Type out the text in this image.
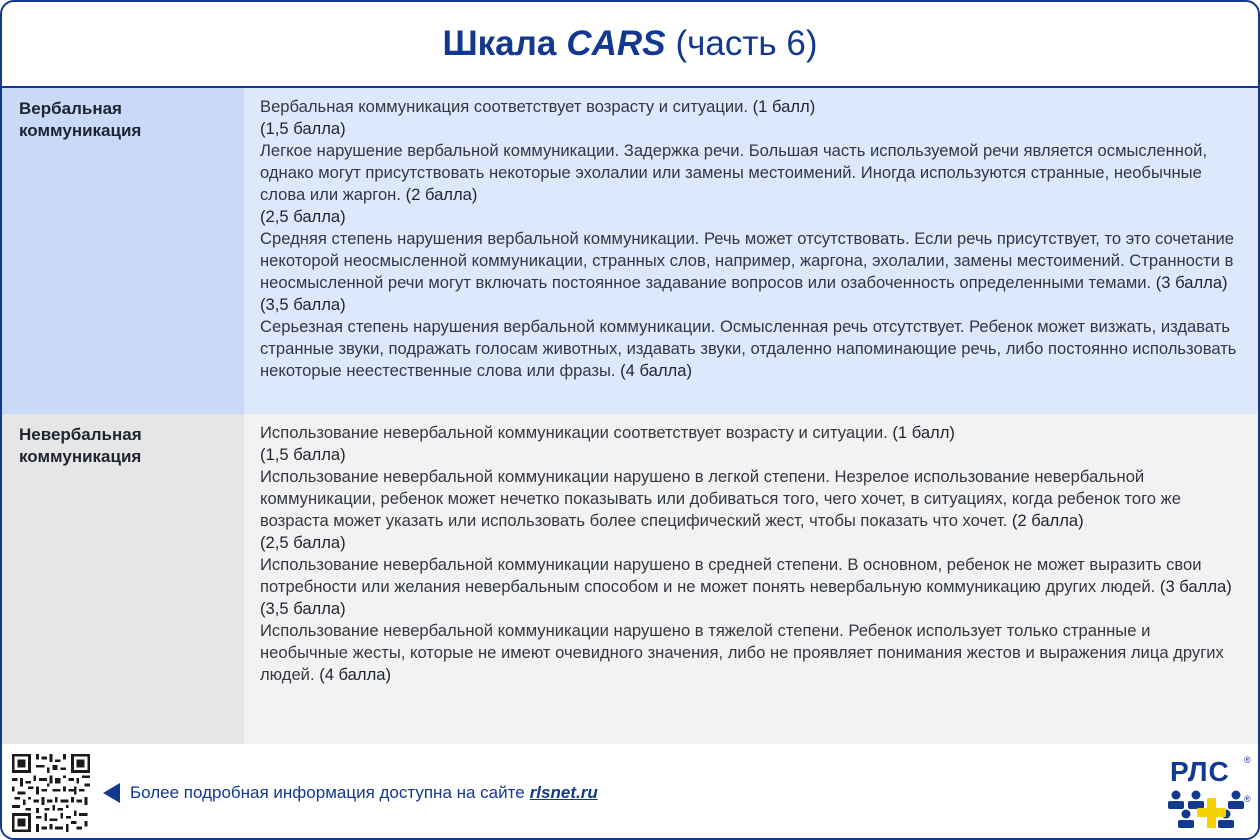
Шкала CARS (часть 6)
Вербальная коммуникация
Вербальная коммуникация соответствует возрасту и ситуации. (1 балл)
(1,5 балла)
Легкое нарушение вербальной коммуникации. Задержка речи. Большая часть используемой речи является осмысленной, однако могут присутствовать некоторые эхолалии или замены местоимений. Иногда используются странные, необычные слова или жаргон. (2 балла)
(2,5 балла)
Средняя степень нарушения вербальной коммуникации. Речь может отсутствовать. Если речь присутствует, то это сочетание некоторой неосмысленной коммуникации, странных слов, например, жаргона, эхолалии, замены местоимений. Странности в неосмысленной речи могут включать постоянное задавание вопросов или озабоченность определенными темами. (3 балла)
(3,5 балла)
Серьезная степень нарушения вербальной коммуникации. Осмысленная речь отсутствует. Ребенок может визжать, издавать странные звуки, подражать голосам животных, издавать звуки, отдаленно напоминающие речь, либо постоянно использовать некоторые неестественные слова или фразы. (4 балла)
Невербальная коммуникация
Использование невербальной коммуникации соответствует возрасту и ситуации. (1 балл)
(1,5 балла)
Использование невербальной коммуникации нарушено в легкой степени. Незрелое использование невербальной коммуникации, ребенок может нечетко показывать или добиваться того, чего хочет, в ситуациях, когда ребенок того же возраста может указать или использовать более специфический жест, чтобы показать что хочет. (2 балла)
(2,5 балла)
Использование невербальной коммуникации нарушено в средней степени. В основном, ребенок не может выразить свои потребности или желания невербальным способом и не может понять невербальную коммуникацию других людей. (3 балла)
(3,5 балла)
Использование невербальной коммуникации нарушено в тяжелой степени. Ребенок использует только странные и необычные жесты, которые не имеют очевидного значения, либо не проявляет понимания жестов и выражения лица других людей. (4 балла)
Более подробная информация доступна на сайте rlsnet.ru
РЛС ®
®
